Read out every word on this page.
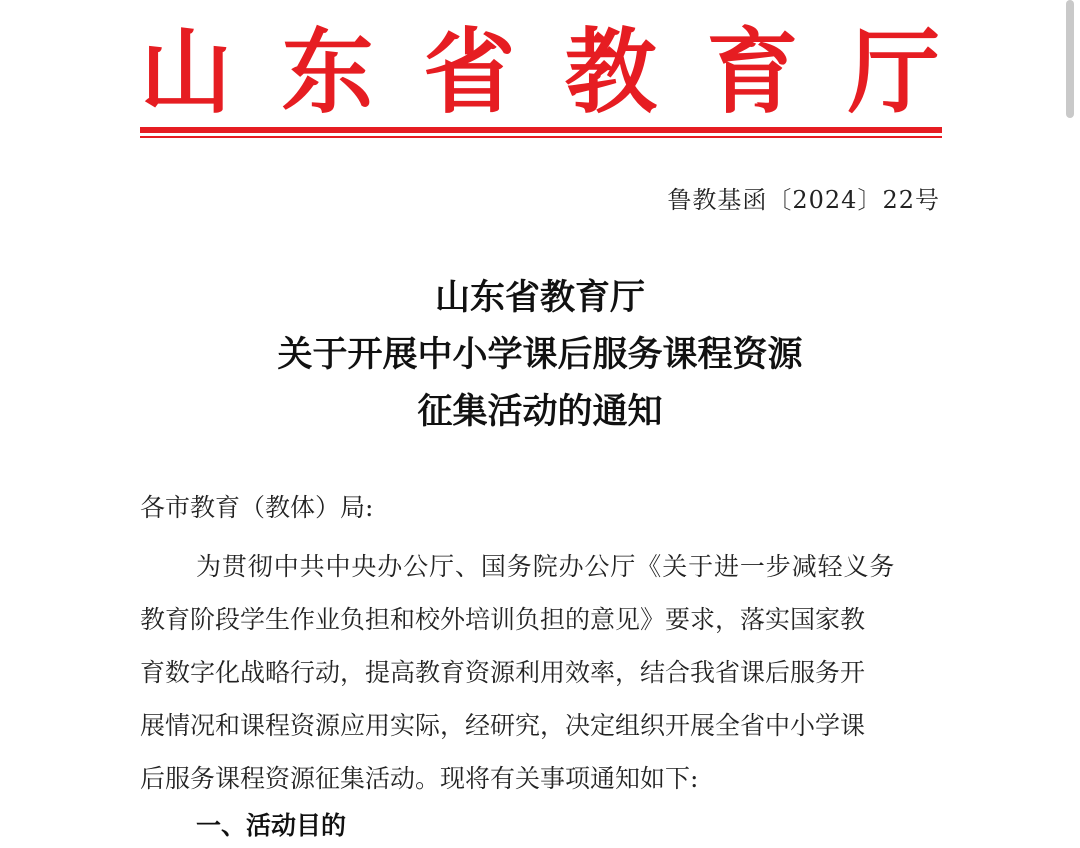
山 东 省 教 育 厅
鲁教基函〔2024〕22号
山东省教育厅
关于开展中小学课后服务课程资源
征集活动的通知
各市教育（教体）局:
为贯彻中共中央办公厅、国务院办公厅《关于进一步减轻义务
教育阶段学生作业负担和校外培训负担的意见》要求，落实国家教
育数字化战略行动，提高教育资源利用效率，结合我省课后服务开
展情况和课程资源应用实际，经研究，决定组织开展全省中小学课
后服务课程资源征集活动。现将有关事项通知如下:
一、活动目的
